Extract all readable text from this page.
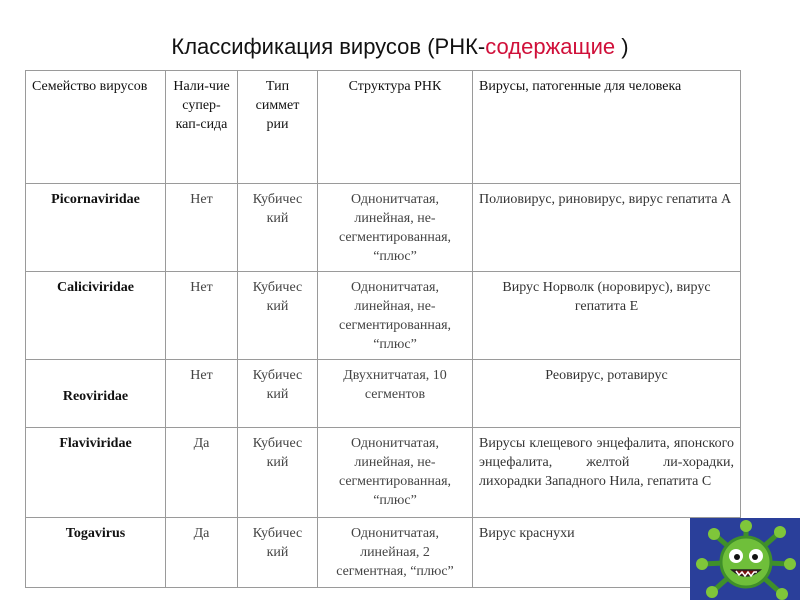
Классификация вирусов (РНК-содержащие )
Семейство вирусов	Нали-чие супер-кап-сида	Тип симмет рии	Структура РНК	Вирусы, патогенные для человека
Picornaviridae	Нет	Кубичес кий	Однонитчатая, линейная, не-сегментированная, “плюс”	Полиовирус, риновирус, вирус гепатита А
Caliciviridae	Нет	Кубичес кий	Однонитчатая, линейная, не-сегментированная, “плюс”	Вирус Норволк (норовирус), вирус гепатита Е
Reoviridae	Нет	Кубичес кий	Двухнитчатая, 10 сегментов	Реовирус, ротавирус
Flaviviridae	Да	Кубичес кий	Однонитчатая, линейная, не-сегментированная, “плюс”	Вирусы клещевого энцефалита, японского энцефалита, желтой ли-хорадки, лихорадки Западного Нила, гепатита С
Togavirus	Да	Кубичес кий	Однонитчатая, линейная, 2 сегментная, “плюс”	Вирус краснухи
